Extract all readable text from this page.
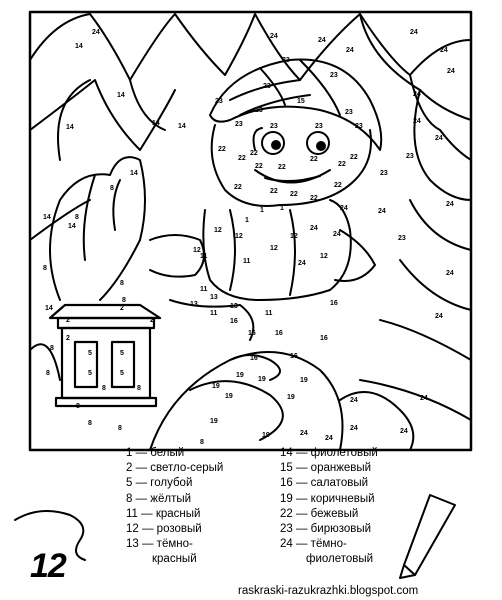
24
14
24
24
24
24
14
14
14	14
24
24
24
24
24
24
24
24
24
23
23
23
23	15
23	23
23	23	23	23
23
23
23
22
22
22
22 22
22
22
22
22
22 22
22
22
1
1
1
12
12
12
11
11
12
12
12	24
24
24
24
13
13
13
11
11
11
8
8
8
8
8
14
14
14
14
2
2
2
2
5
5
5
5
8
8
8
8
8
8
8
8
16
16
16	16
16
19
19
19
19
19
19
19
19
16
16
24	24
24	24
24
24
1 — белый
2 — светло-серый
5 — голубой
8 — жёлтый
11 — красный
12 — розовый
13 — тёмно-
красный
14 — фиолетовый
15 — оранжевый
16 — салатовый
19 — коричневый
22 — бежевый
23 — бирюзовый
24 — тёмно-
фиолетовый
12
raskraski-razukrazhki.blogspot.com
